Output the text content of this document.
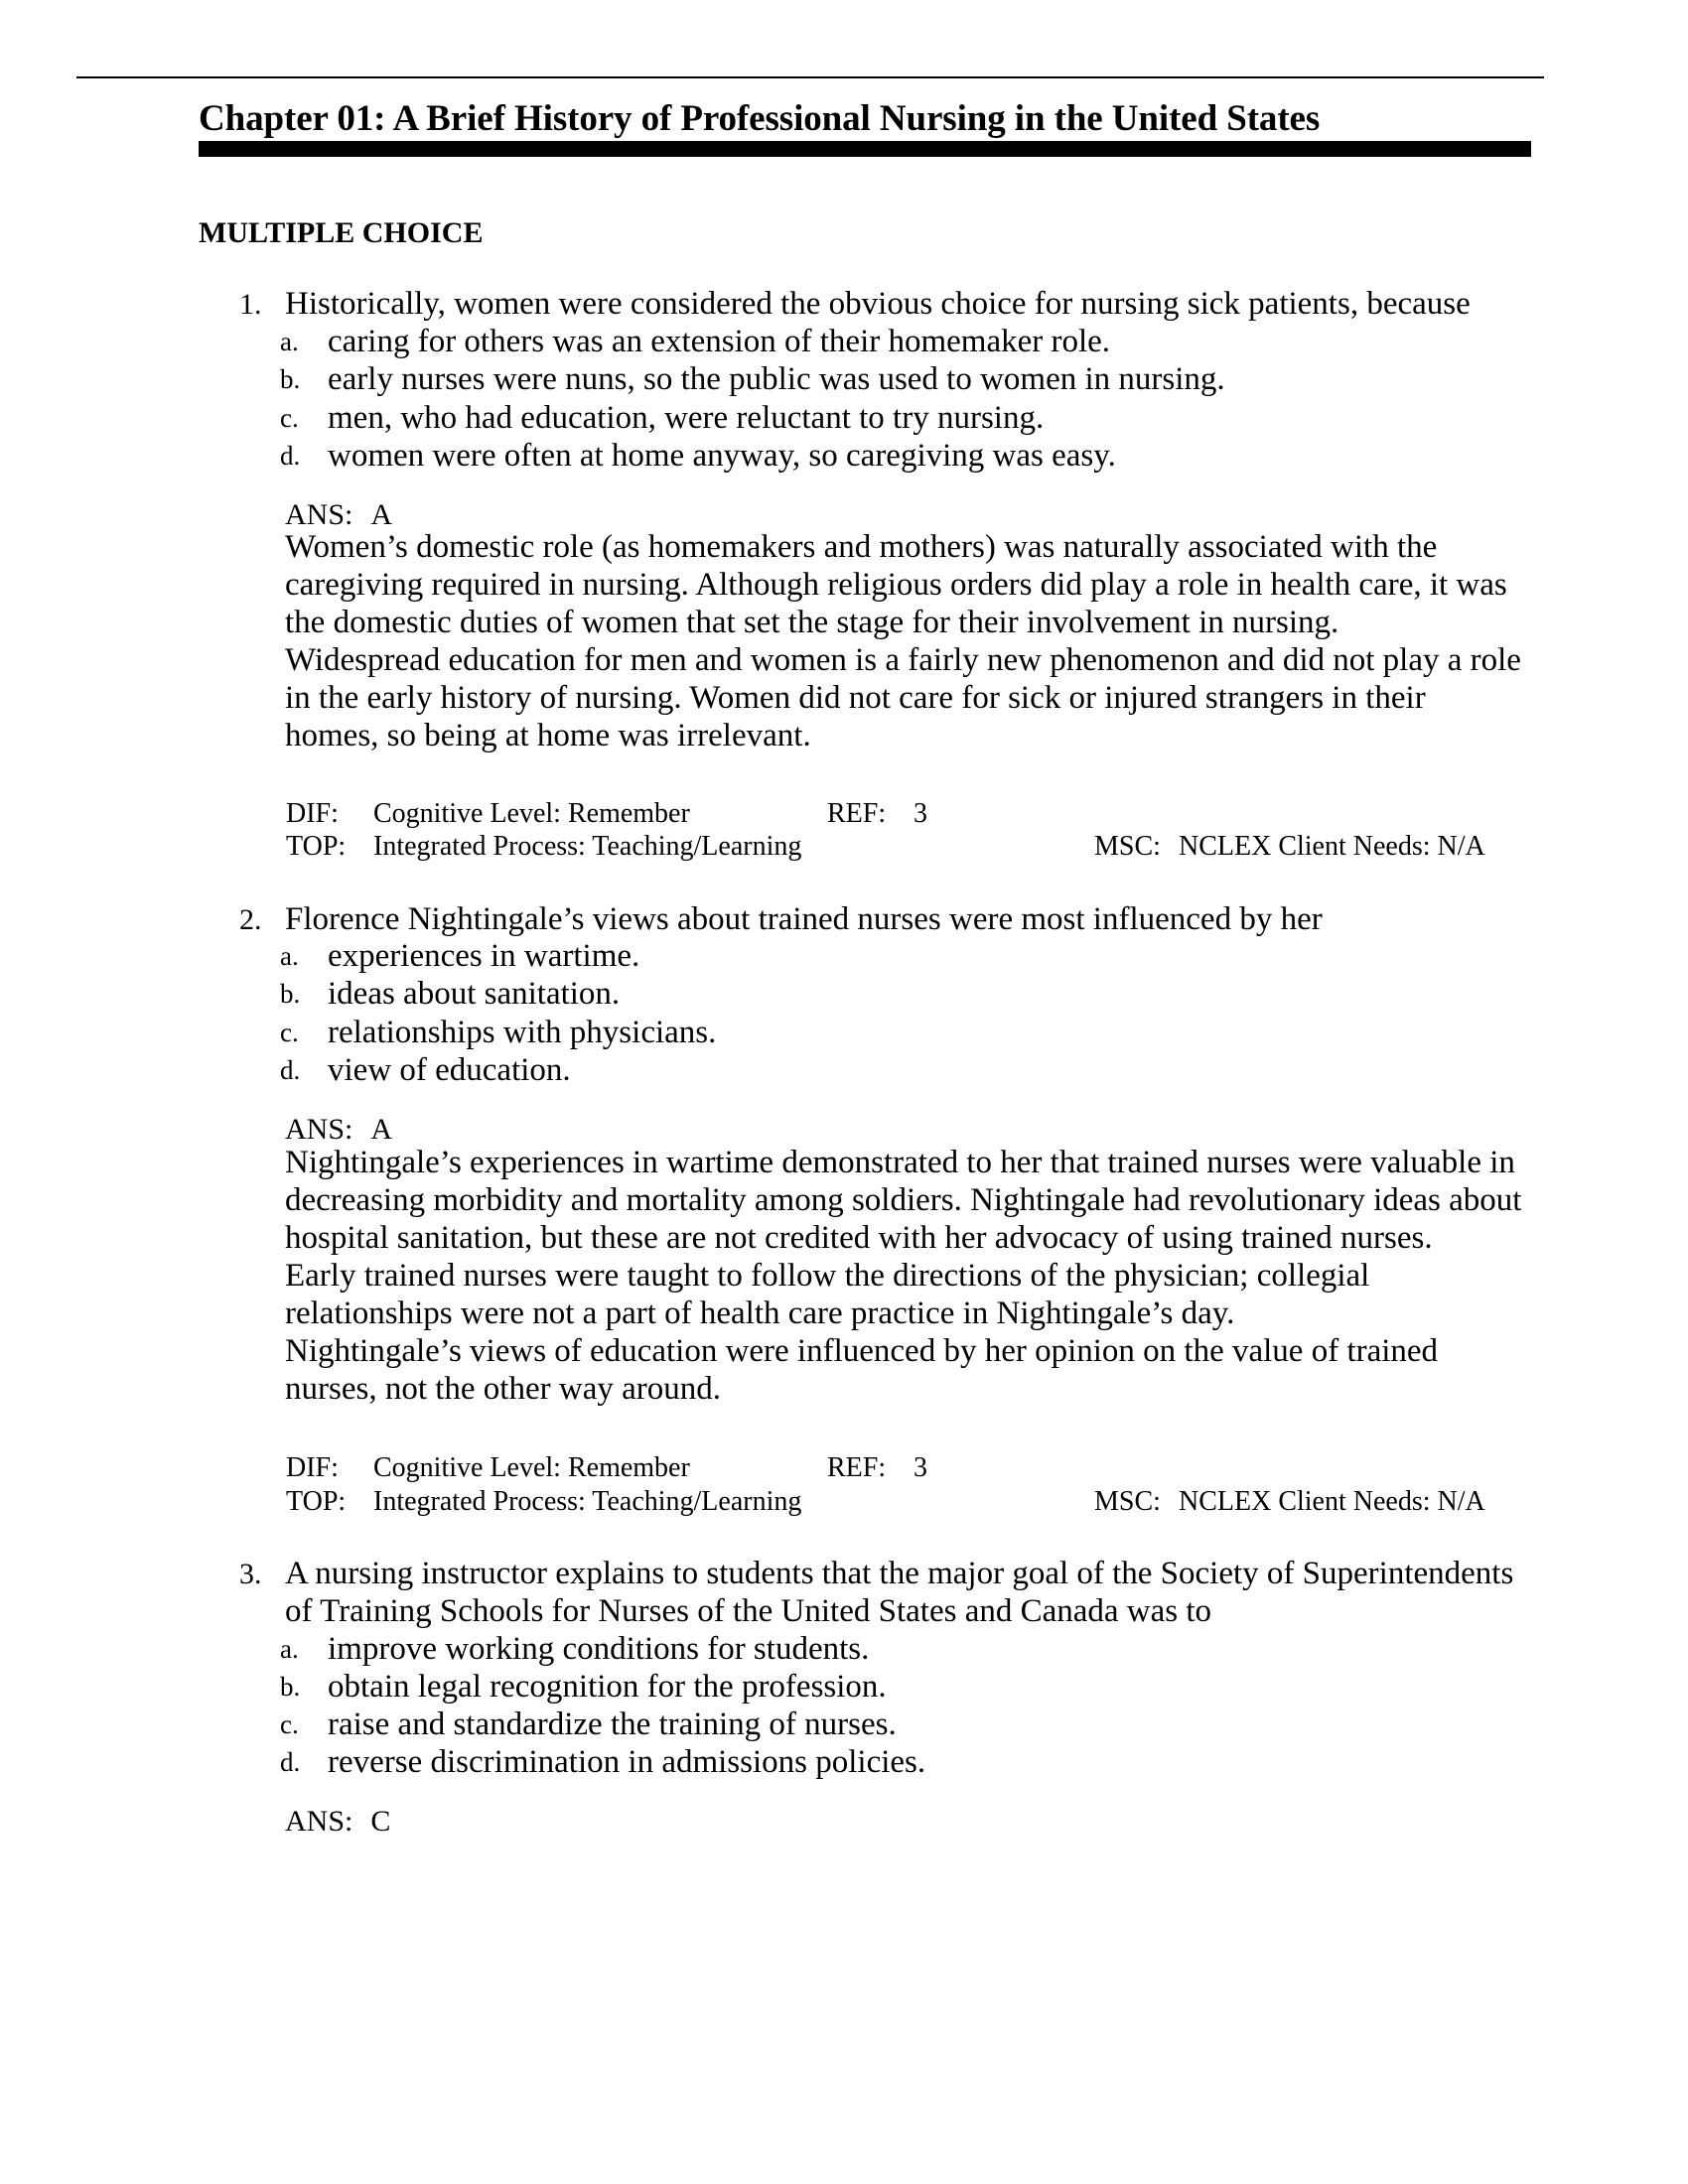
Chapter 01: A Brief History of Professional Nursing in the United States
MULTIPLE CHOICE
1. Historically, women were considered the obvious choice for nursing sick patients, because
a. caring for others was an extension of their homemaker role.
b. early nurses were nuns, so the public was used to women in nursing.
c. men, who had education, were reluctant to try nursing.
d. women were often at home anyway, so caregiving was easy.
ANS: A
Women’s domestic role (as homemakers and mothers) was naturally associated with the
caregiving required in nursing. Although religious orders did play a role in health care, it was
the domestic duties of women that set the stage for their involvement in nursing.
Widespread education for men and women is a fairly new phenomenon and did not play a role
in the early history of nursing. Women did not care for sick or injured strangers in their
homes, so being at home was irrelevant.
DIF: Cognitive Level: Remember	REF: 3
TOP: Integrated Process: Teaching/Learning	MSC: NCLEX Client Needs: N/A
2. Florence Nightingale’s views about trained nurses were most influenced by her
a. experiences in wartime.
b. ideas about sanitation.
c. relationships with physicians.
d. view of education.
ANS: A
Nightingale’s experiences in wartime demonstrated to her that trained nurses were valuable in
decreasing morbidity and mortality among soldiers. Nightingale had revolutionary ideas about
hospital sanitation, but these are not credited with her advocacy of using trained nurses.
Early trained nurses were taught to follow the directions of the physician; collegial
relationships were not a part of health care practice in Nightingale’s day.
Nightingale’s views of education were influenced by her opinion on the value of trained
nurses, not the other way around.
DIF: Cognitive Level: Remember	REF: 3
TOP: Integrated Process: Teaching/Learning	MSC: NCLEX Client Needs: N/A
3. A nursing instructor explains to students that the major goal of the Society of Superintendents
of Training Schools for Nurses of the United States and Canada was to
a. improve working conditions for students.
b. obtain legal recognition for the profession.
c. raise and standardize the training of nurses.
d. reverse discrimination in admissions policies.
ANS: C
